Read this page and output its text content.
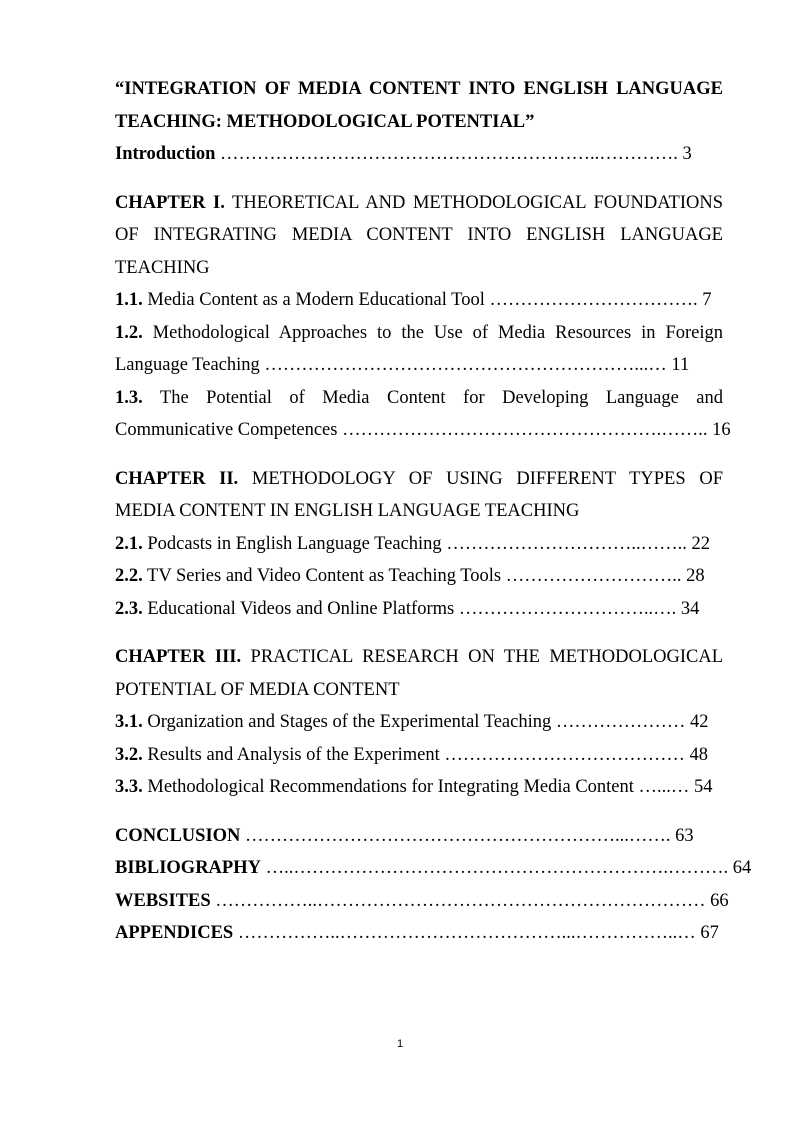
“INTEGRATION OF MEDIA CONTENT INTO ENGLISH LANGUAGE
TEACHING: METHODOLOGICAL POTENTIAL”
Introduction ……………………………………………………..…………. 3
CHAPTER I. THEORETICAL AND METHODOLOGICAL FOUNDATIONS
OF INTEGRATING MEDIA CONTENT INTO ENGLISH LANGUAGE
TEACHING
1.1. Media Content as a Modern Educational Tool ……………………………. 7
1.2. Methodological Approaches to the Use of Media Resources in Foreign
Language Teaching ……………………………………………………...… 11
1.3. The Potential of Media Content for Developing Language and
Communicative Competences …………………………………………….…….. 16
CHAPTER II. METHODOLOGY OF USING DIFFERENT TYPES OF
MEDIA CONTENT IN ENGLISH LANGUAGE TEACHING
2.1. Podcasts in English Language Teaching …………………………..…….. 22
2.2. TV Series and Video Content as Teaching Tools ……………………….. 28
2.3. Educational Videos and Online Platforms …………………………..…. 34
CHAPTER III. PRACTICAL RESEARCH ON THE METHODOLOGICAL
POTENTIAL OF MEDIA CONTENT
3.1. Organization and Stages of the Experimental Teaching ………………… 42
3.2. Results and Analysis of the Experiment ………………………………… 48
3.3. Methodological Recommendations for Integrating Media Content …...… 54
CONCLUSION ……………………………………………………...……. 63
BIBLIOGRAPHY …..…………………………………………………….………. 64
WEBSITES ……………..……………………………………………………… 66
APPENDICES ……………..………………………………...……………..… 67
1
